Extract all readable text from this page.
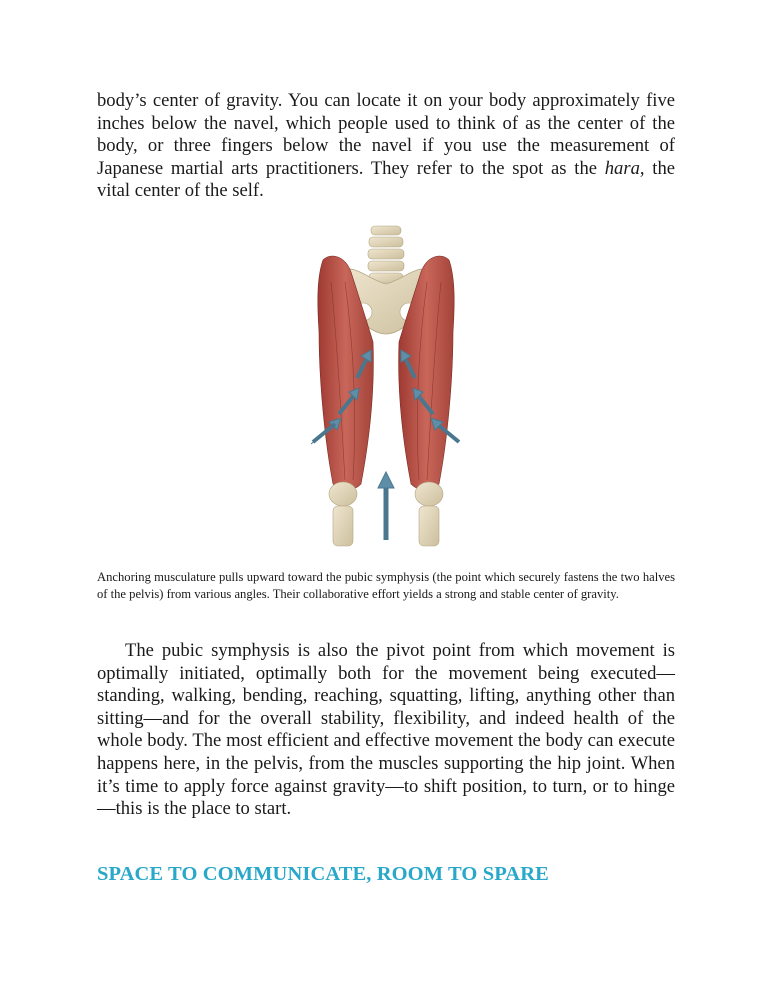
body’s center of gravity. You can locate it on your body approximately five inches below the navel, which people used to think of as the center of the body, or three fingers below the navel if you use the measurement of Japanese martial arts practitioners. They refer to the spot as the hara, the vital center of the self.

Anchoring musculature pulls upward toward the pubic symphysis (the point which securely fastens the two halves of the pelvis) from various angles. Their collaborative effort yields a strong and stable center of gravity.

The pubic symphysis is also the pivot point from which movement is optimally initiated, optimally both for the movement being executed—standing, walking, bending, reaching, squatting, lifting, anything other than sitting—and for the overall stability, flexibility, and indeed health of the whole body. The most efficient and effective movement the body can execute happens here, in the pelvis, from the muscles supporting the hip joint. When it’s time to apply force against gravity—to shift position, to turn, or to hinge—this is the place to start.

SPACE TO COMMUNICATE, ROOM TO SPARE
